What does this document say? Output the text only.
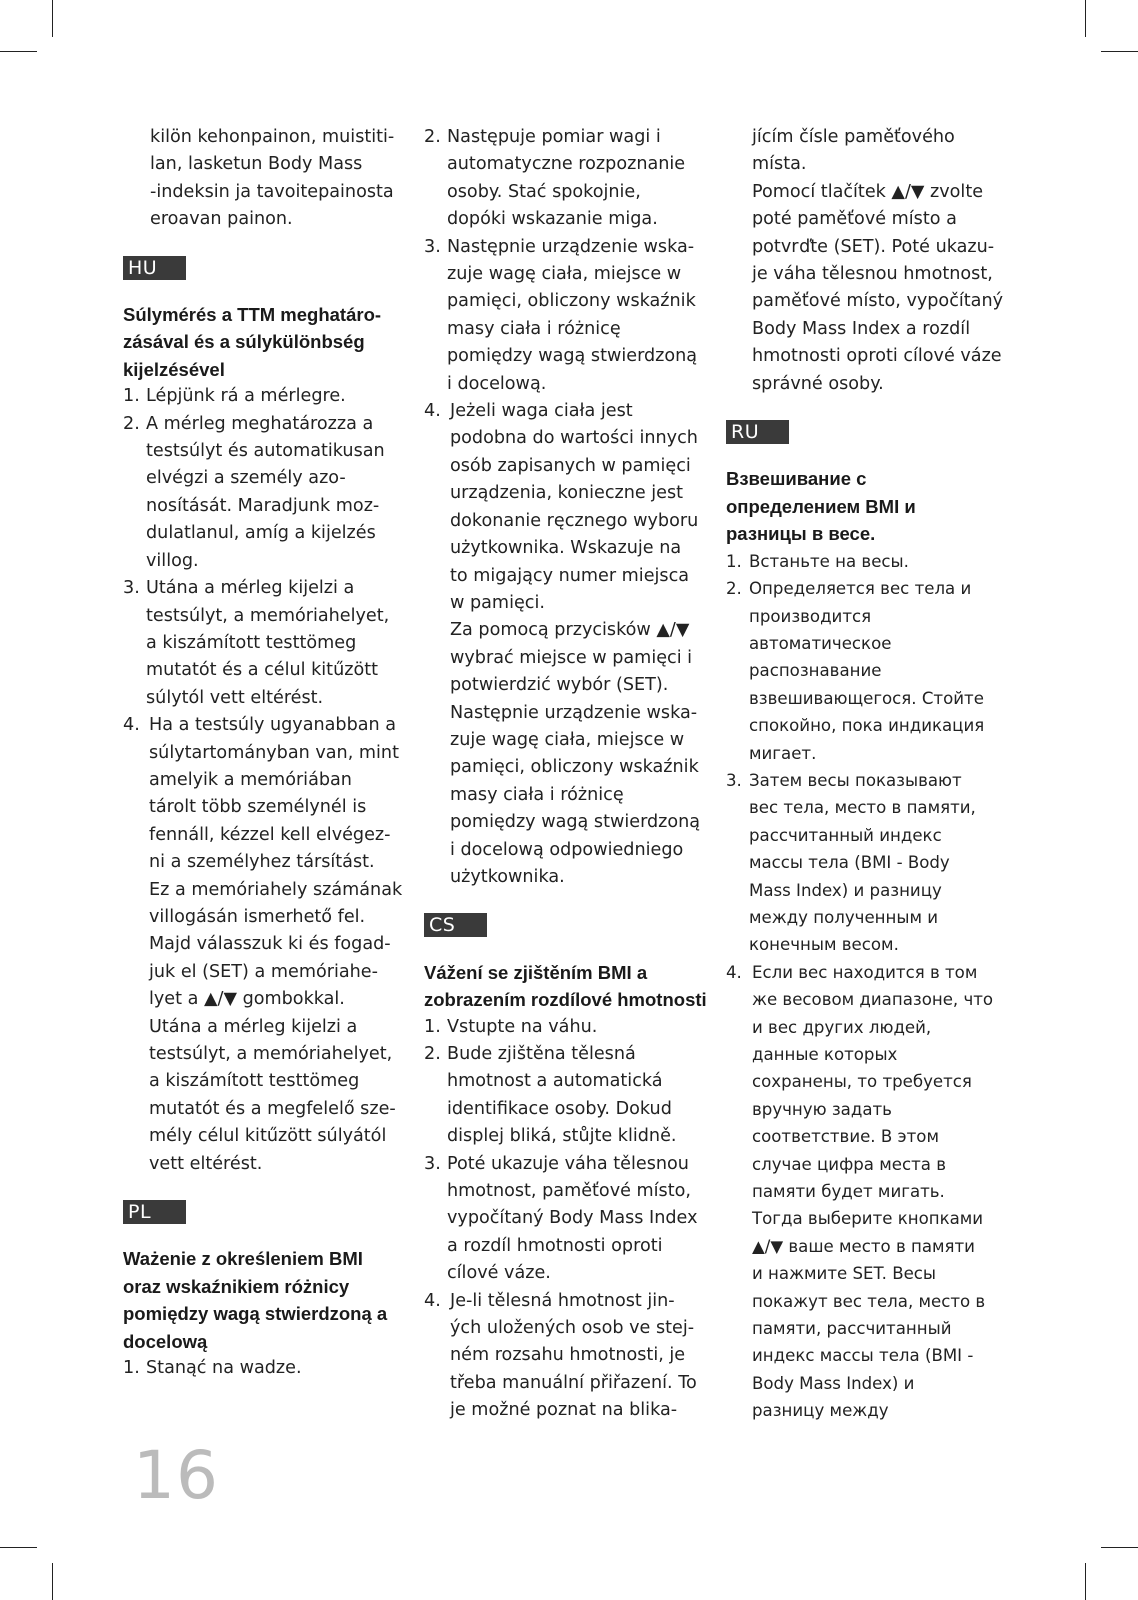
kilön kehonpainon, muistiti-
lan, lasketun Body Mass
-indeksin ja tavoitepainosta
eroavan painon.

HU

Súlymérés a TTM meghatáro-
zásával és a súlykülönbség
kijelzésével

1. Lépjünk rá a mérlegre.
2. A mérleg meghatározza a
testsúlyt és automatikusan
elvégzi a személy azo-
nosítását. Maradjunk moz-
dulatlanul, amíg a kijelzés
villog.
3. Utána a mérleg kijelzi a
testsúlyt, a memóriahelyet,
a kiszámított testtömeg
mutatót és a célul kitűzött
súlytól vett eltérést.
4. Ha a testsúly ugyanabban a
súlytartományban van, mint
amelyik a memóriában
tárolt több személynél is
fennáll, kézzel kell elvégez-
ni a személyhez társítást.
Ez a memóriahely számának
villogásán ismerhető fel.
Majd válasszuk ki és fogad-
juk el (SET) a memóriahe-
lyet a ▲/▼ gombokkal.
Utána a mérleg kijelzi a
testsúlyt, a memóriahelyet,
a kiszámított testtömeg
mutatót és a megfelelő sze-
mély célul kitűzött súlyától
vett eltérést.
PL

Ważenie z określeniem BMI
oraz wskaźnikiem różnicy
pomiędzy wagą stwierdzoną a
docelową

1. Stanąć na wadze.
2. Następuje pomiar wagi i
automatyczne rozpoznanie
osoby. Stać spokojnie,
dopóki wskazanie miga.
3. Następnie urządzenie wska-
zuje wagę ciała, miejsce w
pamięci, obliczony wskaźnik
masy ciała i różnicę
pomiędzy wagą stwierdzoną
i docelową.
4. Jeżeli waga ciała jest
podobna do wartości innych
osób zapisanych w pamięci
urządzenia, konieczne jest
dokonanie ręcznego wyboru
użytkownika. Wskazuje na
to migający numer miejsca
w pamięci.
Za pomocą przycisków ▲/▼
wybrać miejsce w pamięci i
potwierdzić wybór (SET).
Następnie urządzenie wska-
zuje wagę ciała, miejsce w
pamięci, obliczony wskaźnik
masy ciała i różnicę
pomiędzy wagą stwierdzoną
i docelową odpowiedniego
użytkownika.
CS

Vážení se zjištěním BMI a
zobrazením rozdílové hmotnosti

1. Vstupte na váhu.
2. Bude zjištěna tělesná
hmotnost a automatická
identifikace osoby. Dokud
displej bliká, stůjte klidně.
3. Poté ukazuje váha tělesnou
hmotnost, paměťové místo,
vypočítaný Body Mass Index
a rozdíl hmotnosti oproti
cílové váze.
4. Je-li tělesná hmotnost jin-
ých uložených osob ve stej-
ném rozsahu hmotnosti, je
třeba manuální přiřazení. To
je možné poznat na blika-

jícím čísle paměťového
místa.
Pomocí tlačítek ▲/▼ zvolte
poté paměťové místo a
potvrďte (SET). Poté ukazu-
je váha tělesnou hmotnost,
paměťové místo, vypočítaný
Body Mass Index a rozdíl
hmotnosti oproti cílové váze
správné osoby.

RU

Взвешивание с
определением BMI и
разницы в весе.

1. Встаньте на весы.
2. Определяется вес тела и
производится
автоматическое
распознавание
взвешивающегося. Стойте
спокойно, пока индикация
мигает.
3. Затем весы показывают
вес тела, место в памяти,
рассчитанный индекс
массы тела (BMI - Body
Mass Index) и разницу
между полученным и
конечным весом.
4. Если вес находится в том
же весовом диапазоне, что
и вес других людей,
данные которых
сохранены, то требуется
вручную задать
соответствие. В этом
случае цифра места в
памяти будет мигать.
Тогда выберите кнопками
▲/▼ ваше место в памяти
и нажмите SET. Весы
покажут вес тела, место в
памяти, рассчитанный
индекс массы тела (BMI -
Body Mass Index) и
разницу между
16
